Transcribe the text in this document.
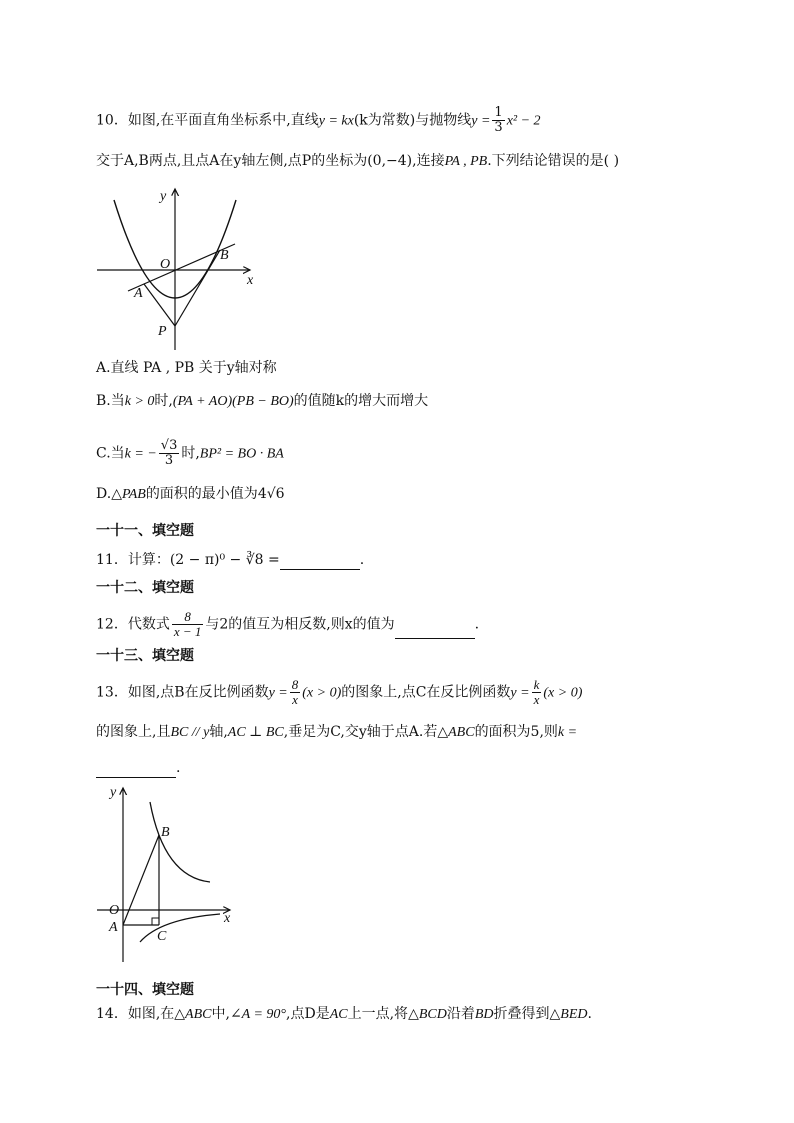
10．如图,在平面直角坐标系中,直线y = kx(k为常数)与抛物线$y = \frac{1}{3} x^2 - 2$
交于A,B两点,且点A在y轴左侧,点P的坐标为(0,−4),连接PA , PB.下列结论错误的是( )
y
x
O
A
B
P
A.直线 PA , PB 关于y轴对称
B.当k > 0时,(PA + AO)(PB − BO)的值随k的增大而增大
C.当k = − $\frac{√3}{3}$ 时,BP² = BO · BA
D.△PAB的面积的最小值为4√6
一十一、填空题
11．计算：(2 − π)⁰ − ∛8 =	.
一十二、填空题
12．代数式 $\frac{8}{x - 1}$ 与2的值互为相反数,则x的值为	.
一十三、填空题
13．如图,点B在反比例函数$y = \frac{8}{x} (x > 0)$的图象上,点C在反比例函数$y = \frac{k}{x} (x > 0)$
的图象上,且BC // y轴,AC ⊥ BC,垂足为C,交y轴于点A.若△ABC的面积为5,则k =
.
y
x
O
A
B
C
一十四、填空题
14．如图,在△ABC中,∠A = 90°,点D是AC上一点,将△BCD沿着BD折叠得到△BED.
